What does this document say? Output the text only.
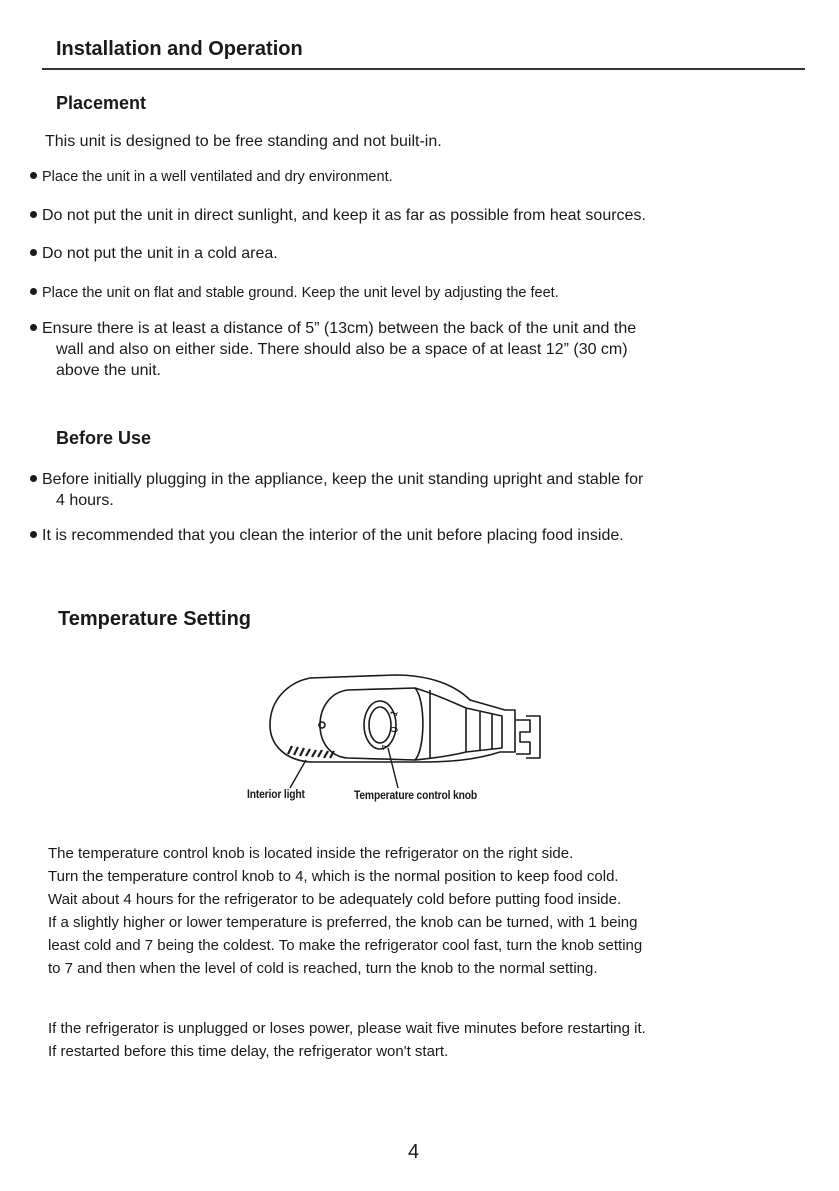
Installation and Operation
Placement
This unit is designed to be free standing and not built-in.
Place the unit in a well ventilated and dry environment.
Do not put the unit in direct sunlight, and keep it as far as possible from heat sources.
Do not put the unit in a cold area.
Place the unit on flat and stable ground. Keep the unit level by adjusting the feet.
Ensure there is at least a distance of 5” (13cm) between the back of the unit and the
wall and also on either side. There should also be a space of at least 12” (30 cm)
above the unit.
Before Use
Before initially plugging in the appliance, keep the unit standing upright and stable for
4 hours.
It is recommended that you clean the interior of the unit before placing food inside.
Temperature Setting
1
0
7
Interior light	Temperature control knob
The temperature control knob is located inside the refrigerator on the right side.
Turn the temperature control knob to 4, which is the normal position to keep food cold.
Wait about 4 hours for the refrigerator to be adequately cold before putting food inside.
If a slightly higher or lower temperature is preferred, the knob can be turned, with 1 being
least cold and 7 being the coldest. To make the refrigerator cool fast, turn the knob setting
to 7 and then when the level of cold is reached, turn the knob to the normal setting.
If the refrigerator is unplugged or loses power, please wait five minutes before restarting it.
If restarted before this time delay, the refrigerator won't start.
4
